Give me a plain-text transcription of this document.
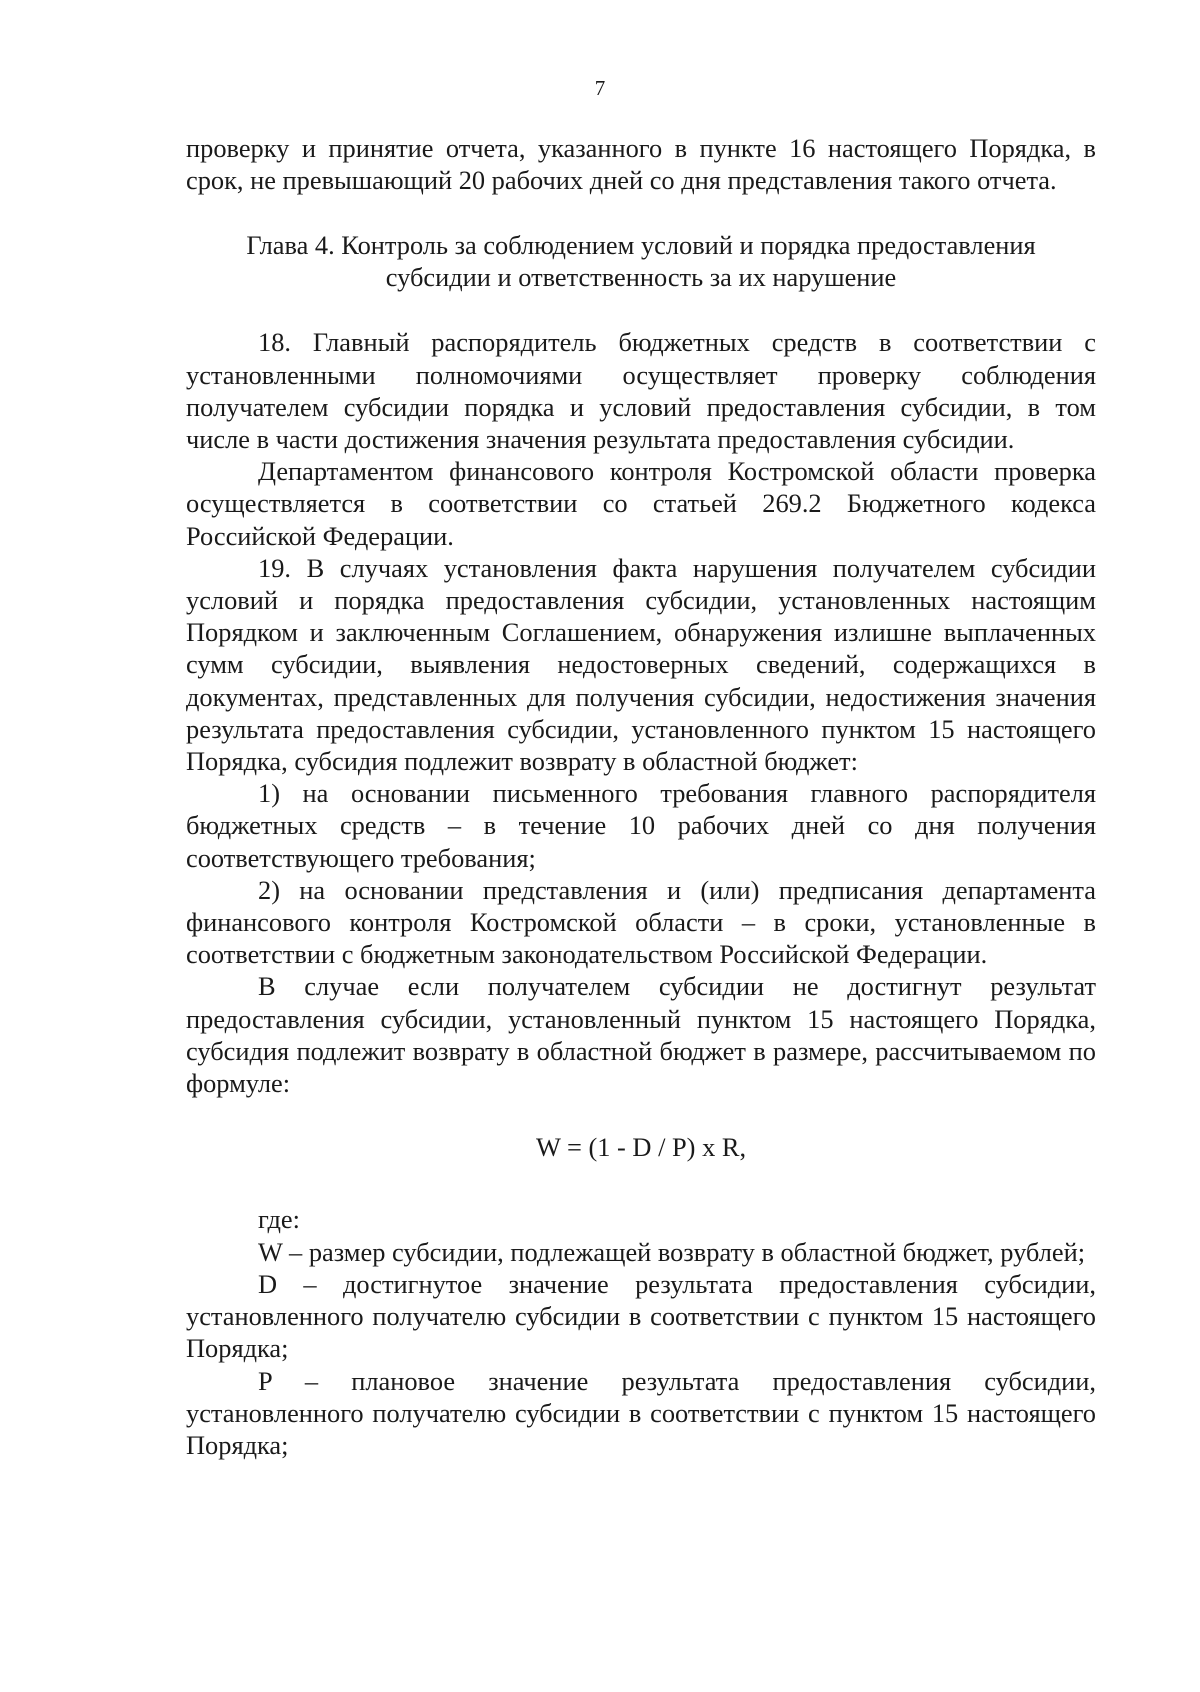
7

проверку и принятие отчета, указанного в пункте 16 настоящего Порядка, в срок, не превышающий 20 рабочих дней со дня представления такого отчета.

Глава 4. Контроль за соблюдением условий и порядка предоставления

субсидии и ответственность за их нарушение

18. Главный распорядитель бюджетных средств в соответствии с установленными полномочиями осуществляет проверку соблюдения получателем субсидии порядка и условий предоставления субсидии, в том числе в части достижения значения результата предоставления субсидии.

Департаментом финансового контроля Костромской области проверка осуществляется в соответствии со статьей 269.2 Бюджетного кодекса Российской Федерации.

19. В случаях установления факта нарушения получателем субсидии условий и порядка предоставления субсидии, установленных настоящим Порядком и заключенным Соглашением, обнаружения излишне выплаченных сумм субсидии, выявления недостоверных сведений, содержащихся в документах, представленных для получения субсидии, недостижения значения результата предоставления субсидии, установленного пунктом 15 настоящего Порядка, субсидия подлежит возврату в областной бюджет:

1) на основании письменного требования главного распорядителя бюджетных средств – в течение 10 рабочих дней со дня получения соответствующего требования;

2) на основании представления и (или) предписания департамента финансового контроля Костромской области – в сроки, установленные в соответствии с бюджетным законодательством Российской Федерации.

В случае если получателем субсидии не достигнут результат предоставления субсидии, установленный пунктом 15 настоящего Порядка, субсидия подлежит возврату в областной бюджет в размере, рассчитываемом по формуле:

W = (1 - D / P) x R,

где:

W – размер субсидии, подлежащей возврату в областной бюджет, рублей;

D – достигнутое значение результата предоставления субсидии, установленного получателю субсидии в соответствии с пунктом 15 настоящего Порядка;

P – плановое значение результата предоставления субсидии, установленного получателю субсидии в соответствии с пунктом 15 настоящего Порядка;
